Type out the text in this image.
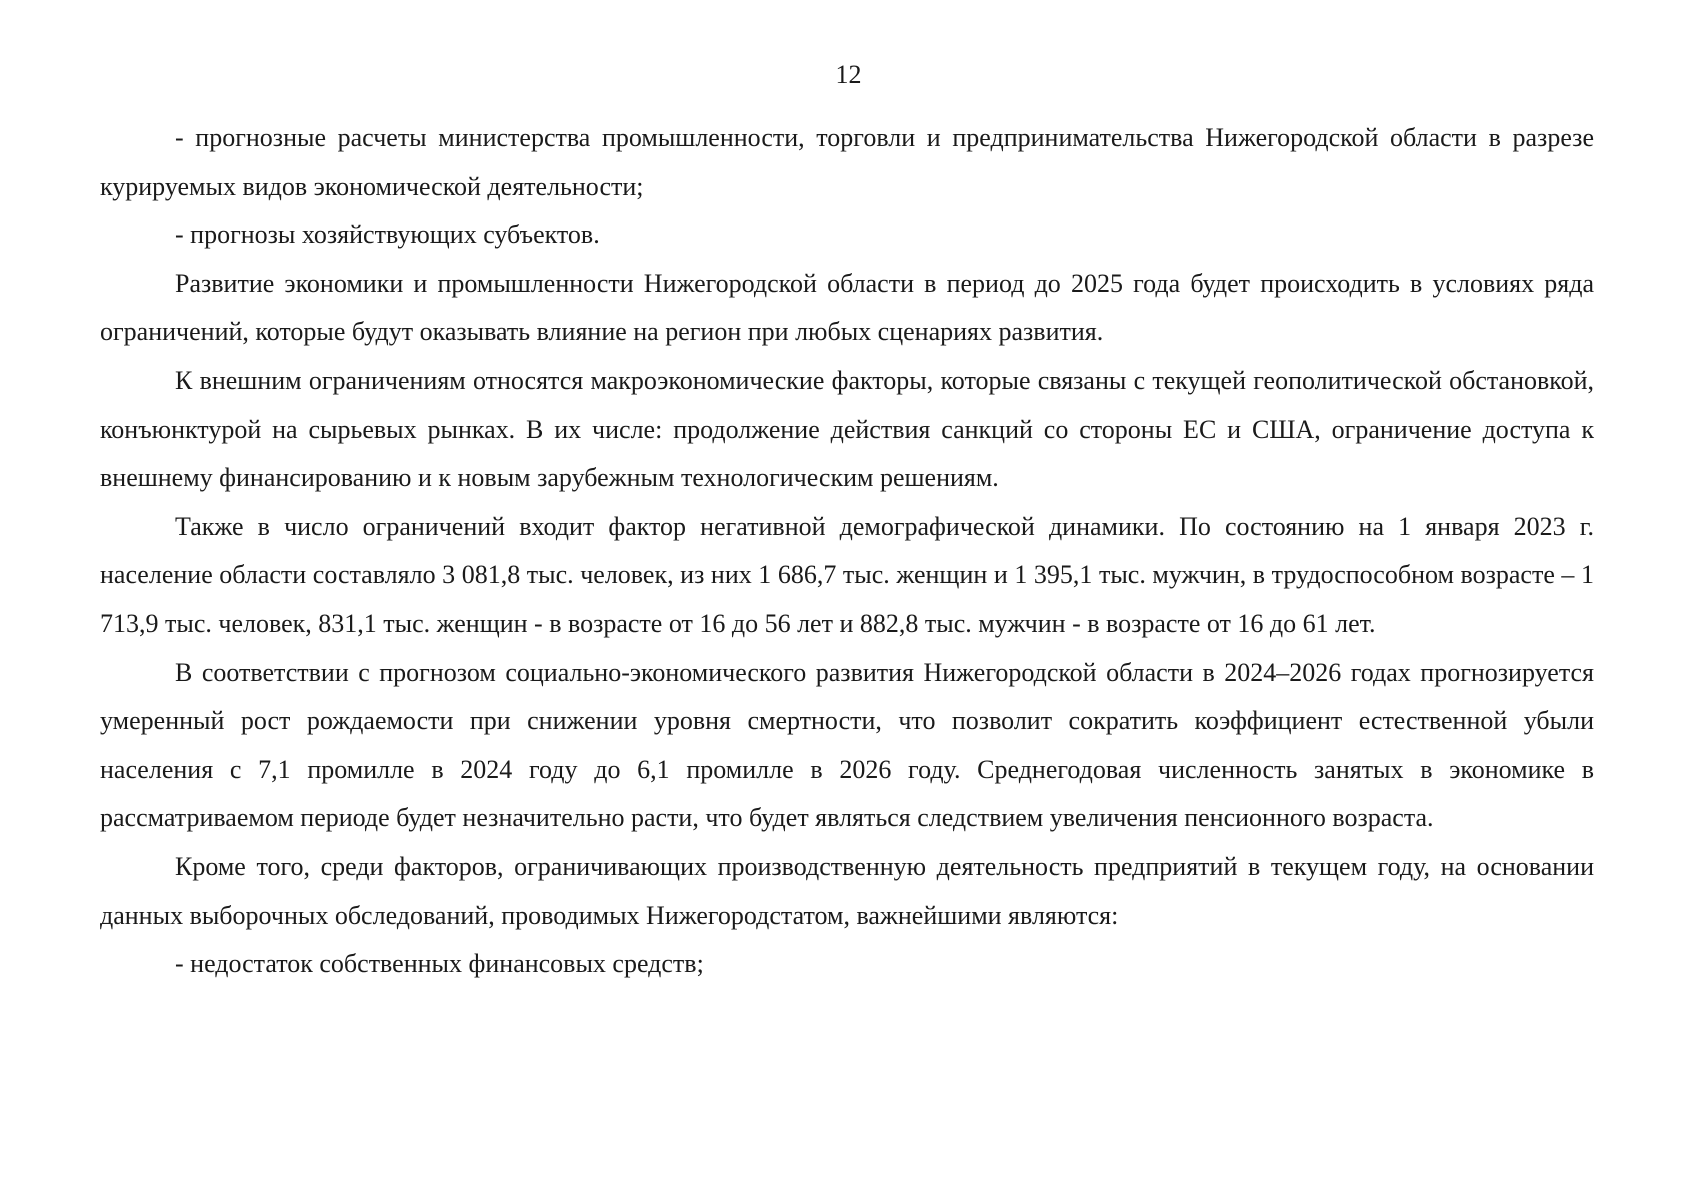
12

- прогнозные расчеты министерства промышленности, торговли и предпринимательства Нижегородской области в разрезе курируемых видов экономической деятельности;

- прогнозы хозяйствующих субъектов.

Развитие экономики и промышленности Нижегородской области в период до 2025 года будет происходить в условиях ряда ограничений, которые будут оказывать влияние на регион при любых сценариях развития.

К внешним ограничениям относятся макроэкономические факторы, которые связаны с текущей геополитической обстановкой, конъюнктурой на сырьевых рынках. В их числе: продолжение действия санкций со стороны ЕС и США, ограничение доступа к внешнему финансированию и к новым зарубежным технологическим решениям.

Также в число ограничений входит фактор негативной демографической динамики. По состоянию на 1 января 2023 г. население области составляло 3 081,8 тыс. человек, из них 1 686,7 тыс. женщин и 1 395,1 тыс. мужчин, в трудоспособном возрасте – 1 713,9 тыс. человек, 831,1 тыс. женщин - в возрасте от 16 до 56 лет и 882,8 тыс. мужчин - в возрасте от 16 до 61 лет.

В соответствии с прогнозом социально-экономического развития Нижегородской области в 2024–2026 годах прогнозируется умеренный рост рождаемости при снижении уровня смертности, что позволит сократить коэффициент естественной убыли населения с 7,1 промилле в 2024 году до 6,1 промилле в 2026 году. Среднегодовая численность занятых в экономике в рассматриваемом периоде будет незначительно расти, что будет являться следствием увеличения пенсионного возраста.

Кроме того, среди факторов, ограничивающих производственную деятельность предприятий в текущем году, на основании данных выборочных обследований, проводимых Нижегородстатом, важнейшими являются:

- недостаток собственных финансовых средств;
